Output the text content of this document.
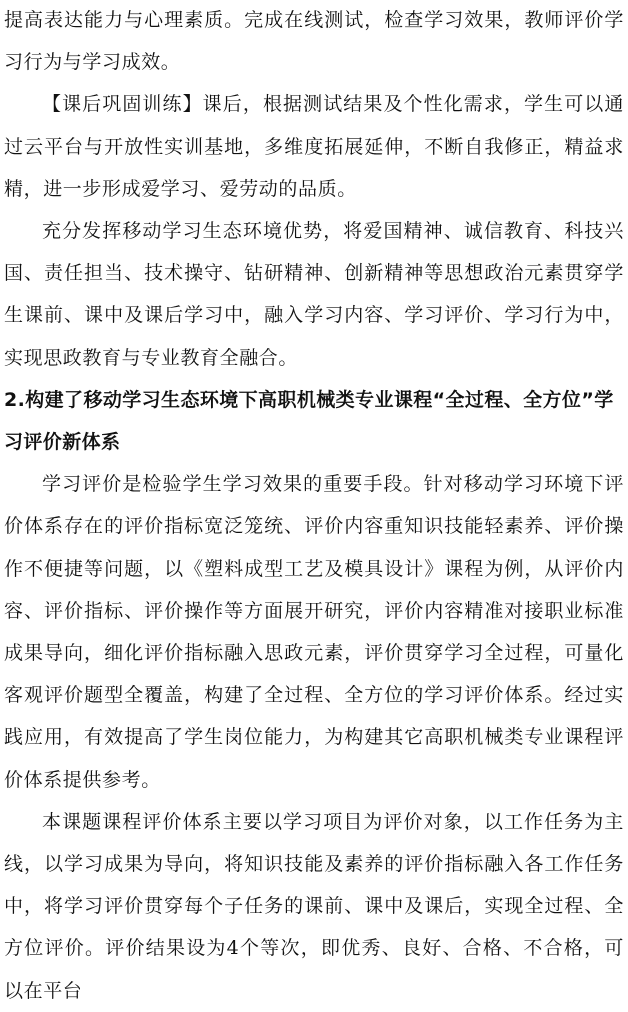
提高表达能力与心理素质。完成在线测试，检查学习效果，教师评价学习行为与学习成效。

【课后巩固训练】课后，根据测试结果及个性化需求，学生可以通过云平台与开放性实训基地，多维度拓展延伸，不断自我修正，精益求精，进一步形成爱学习、爱劳动的品质。

充分发挥移动学习生态环境优势，将爱国精神、诚信教育、科技兴国、责任担当、技术操守、钻研精神、创新精神等思想政治元素贯穿学生课前、课中及课后学习中，融入学习内容、学习评价、学习行为中，实现思政教育与专业教育全融合。

2.构建了移动学习生态环境下高职机械类专业课程“全过程、全方位”学习评价新体系

学习评价是检验学生学习效果的重要手段。针对移动学习环境下评价体系存在的评价指标宽泛笼统、评价内容重知识技能轻素养、评价操作不便捷等问题，以《塑料成型工艺及模具设计》课程为例，从评价内容、评价指标、评价操作等方面展开研究，评价内容精准对接职业标准成果导向，细化评价指标融入思政元素，评价贯穿学习全过程，可量化客观评价题型全覆盖，构建了全过程、全方位的学习评价体系。经过实践应用，有效提高了学生岗位能力，为构建其它高职机械类专业课程评价体系提供参考。

本课题课程评价体系主要以学习项目为评价对象，以工作任务为主线，以学习成果为导向，将知识技能及素养的评价指标融入各工作任务中，将学习评价贯穿每个子任务的课前、课中及课后，实现全过程、全方位评价。评价结果设为4个等次，即优秀、良好、合格、不合格，可以在平台
